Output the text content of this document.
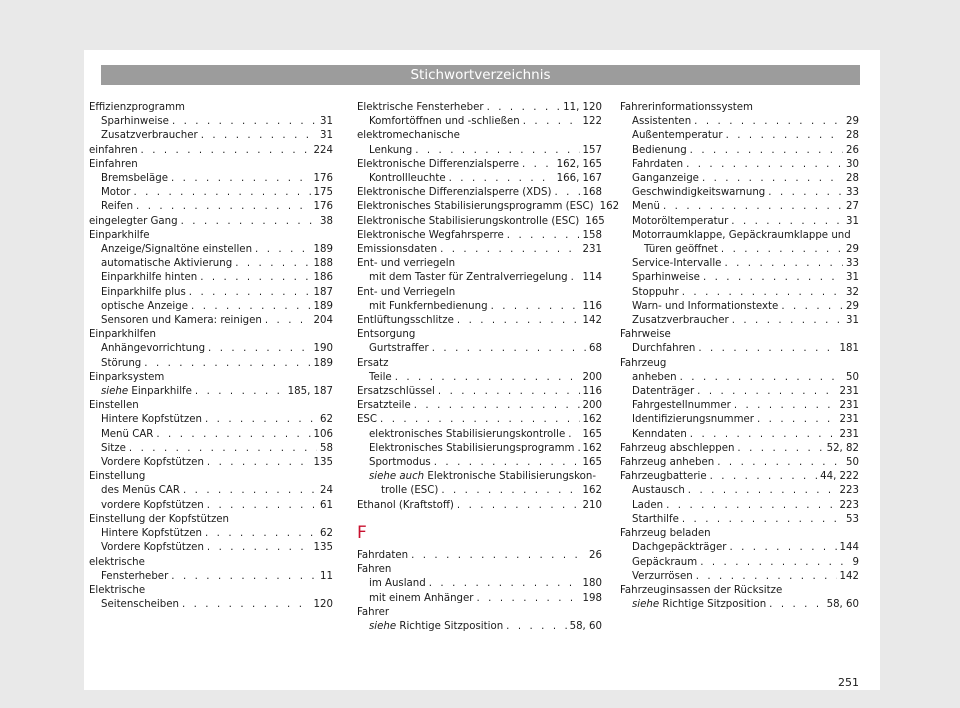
Stichwortverzeichnis
Effizienzprogramm
Sparhinweise . . .	31
Zusatzverbraucher . . .	31
einfahren . . .	224
Einfahren
Bremsbeläge . . .	176
Motor . . .	175
Reifen . . .	176
eingelegter Gang . . .	38
Einparkhilfe
Anzeige/Signaltöne einstellen . . .	189
automatische Aktivierung . . .	188
Einparkhilfe hinten . . .	186
Einparkhilfe plus . . .	187
optische Anzeige . . .	189
Sensoren und Kamera: reinigen . . .	204
Einparkhilfen
Anhängevorrichtung . . .	190
Störung . . .	189
Einparksystem
siehe Einparkhilfe . . .	185, 187
Einstellen
Hintere Kopfstützen . . .	62
Menü CAR . . .	106
Sitze . . .	58
Vordere Kopfstützen . . .	135
Einstellung
des Menüs CAR . . .	24
vordere Kopfstützen . . .	61
Einstellung der Kopfstützen
Hintere Kopfstützen . . .	62
Vordere Kopfstützen . . .	135
elektrische
Fensterheber . . .	11
Elektrische
Seitenscheiben . . .	120
Elektrische Fensterheber . . .	11, 120
Komfortöffnen und -schließen . . .	122
elektromechanische
Lenkung . . .	157
Elektronische Differenzialsperre . . .	162, 165
Kontrollleuchte . . .	166, 167
Elektronische Differenzialsperre (XDS) . . .	168
Elektronisches Stabilisierungsprogramm (ESC) 162
Elektronische Stabilisierungskontrolle (ESC) 165
Elektronische Wegfahrsperre . . .	158
Emissionsdaten . . .	231
Ent- und verriegeln
mit dem Taster für Zentralverriegelung . . . 114
Ent- und Verriegeln
mit Funkfernbedienung . . .	116
Entlüftungsschlitze . . .	142
Entsorgung
Gurtstraffer . . .	68
Ersatz
Teile . . .	200
Ersatzschlüssel . . .	116
Ersatzteile . . .	200
ESC . . .	162
elektronisches Stabilisierungskontrolle . . . 165
Elektronisches Stabilisierungsprogramm . . . 162
Sportmodus . . .	165
siehe auch Elektronische Stabilisierungskon-
trolle (ESC) . . .	162
Ethanol (Kraftstoff) . . .	210
F
Fahrdaten . . .	26
Fahren
im Ausland . . .	180
mit einem Anhänger . . .	198
Fahrer
siehe Richtige Sitzposition . . .	58, 60
Fahrerinformationssystem
Assistenten . . .	29
Außentemperatur . . .	28
Bedienung . . .	26
Fahrdaten . . .	30
Ganganzeige . . .	28
Geschwindigkeitswarnung . . .	33
Menü . . .	27
Motoröltemperatur . . .	31
Motorraumklappe, Gepäckraumklappe und
Türen geöffnet . . .	29
Service-Intervalle . . .	33
Sparhinweise . . .	31
Stoppuhr . . .	32
Warn- und Informationstexte . . .	29
Zusatzverbraucher . . .	31
Fahrweise
Durchfahren . . .	181
Fahrzeug
anheben . . .	50
Datenträger . . .	231
Fahrgestellnummer . . .	231
Identifizierungsnummer . . .	231
Kenndaten . . .	231
Fahrzeug abschleppen . . .	52, 82
Fahrzeug anheben . . .	50
Fahrzeugbatterie . . .	44, 222
Austausch . . .	223
Laden . . .	223
Starthilfe . . .	53
Fahrzeug beladen
Dachgepäckträger . . .	144
Gepäckraum . . .	9
Verzurrösen . . .	142
Fahrzeuginsassen der Rücksitze
siehe Richtige Sitzposition . . .	58, 60
251
